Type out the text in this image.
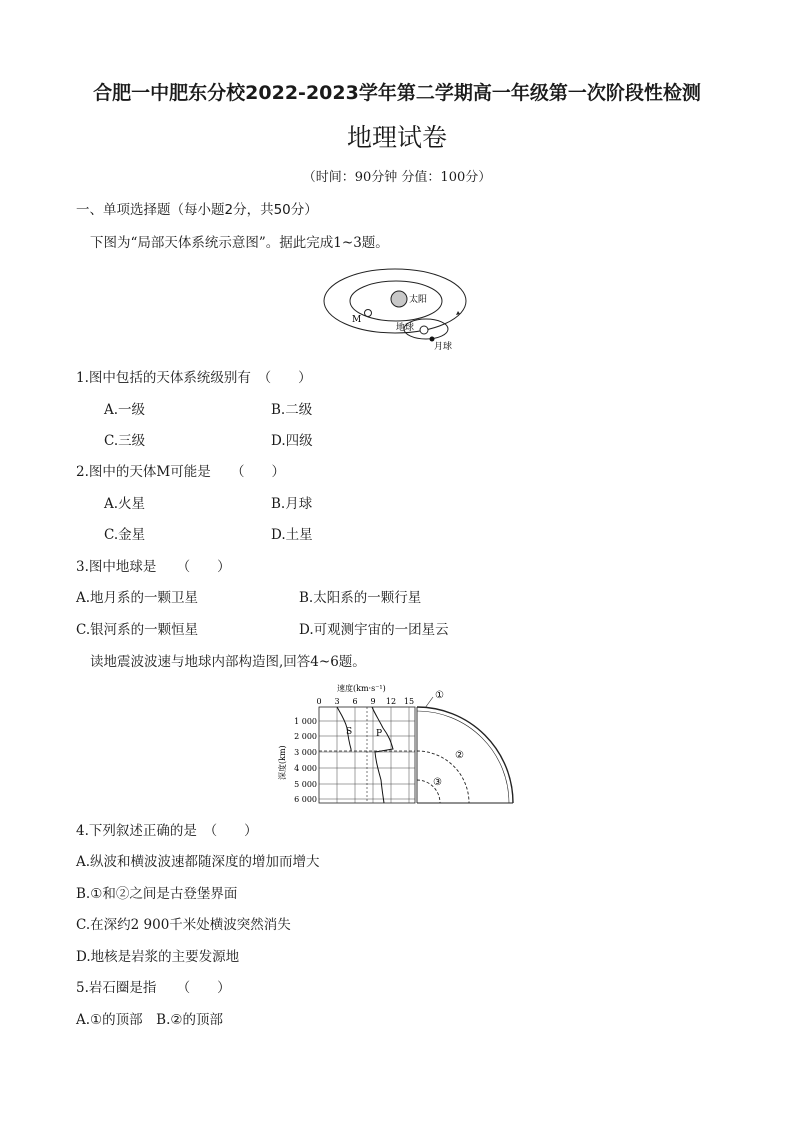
合肥一中肥东分校2022-2023学年第二学期高一年级第一次阶段性检测
地理试卷
（时间：90分钟 分值：100分）
一、单项选择题（每小题2分，共50分）
下图为“局部天体系统示意图”。据此完成1~3题。
太阳
M
地球
月球
1.图中包括的天体系统级别有　（　　）
A.一级	B.二级
C.三级	D.四级
2.图中的天体M可能是　　（　　）
A.火星	B.月球
C.金星	D.土星
3.图中地球是　　（　　）
A.地月系的一颗卫星	B.太阳系的一颗行星
C.银河系的一颗恒星	D.可观测宇宙的一团星云
读地震波波速与地球内部构造图,回答4~6题。
速度(km·s⁻¹)
0 3 6 9 12 15
深度(km)
1 000
2 000
3 000
4 000
5 000
6 000
S	P
①
②
③
4.下列叙述正确的是　（　　）
A.纵波和横波波速都随深度的增加而增大
B.①和②之间是古登堡界面
C.在深约2 900千米处横波突然消失
D.地核是岩浆的主要发源地
5.岩石圈是指　　（　　）
A.①的顶部　B.②的顶部
